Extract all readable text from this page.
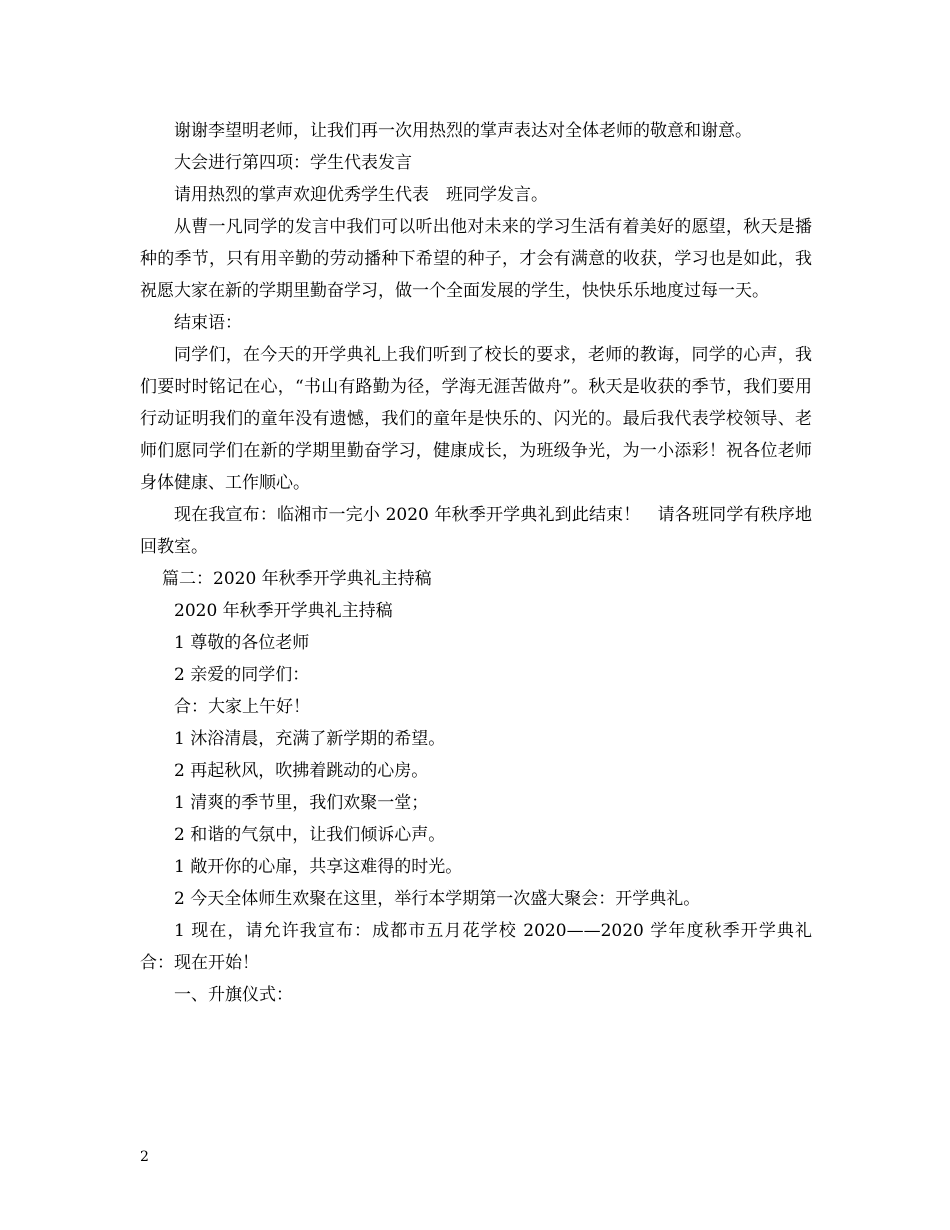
谢谢李望明老师，让我们再一次用热烈的掌声表达对全体老师的敬意和谢意。

大会进行第四项：学生代表发言

请用热烈的掌声欢迎优秀学生代表　班同学发言。

从曹一凡同学的发言中我们可以听出他对未来的学习生活有着美好的愿望，秋天是播种的季节，只有用辛勤的劳动播种下希望的种子，才会有满意的收获，学习也是如此，我祝愿大家在新的学期里勤奋学习，做一个全面发展的学生，快快乐乐地度过每一天。

结束语：

同学们，在今天的开学典礼上我们听到了校长的要求，老师的教诲，同学的心声，我们要时时铭记在心，“书山有路勤为径，学海无涯苦做舟”。秋天是收获的季节，我们要用行动证明我们的童年没有遗憾，我们的童年是快乐的、闪光的。最后我代表学校领导、老师们愿同学们在新的学期里勤奋学习，健康成长，为班级争光，为一小添彩！祝各位老师身体健康、工作顺心。

现在我宣布：临湘市一完小 2020 年秋季开学典礼到此结束！　请各班同学有秩序地回教室。

篇二：2020 年秋季开学典礼主持稿

2020 年秋季开学典礼主持稿

1 尊敬的各位老师

2 亲爱的同学们：

合：大家上午好！

1 沐浴清晨，充满了新学期的希望。

2 再起秋风，吹拂着跳动的心房。

1 清爽的季节里，我们欢聚一堂；

2 和谐的气氛中，让我们倾诉心声。

1 敞开你的心扉，共享这难得的时光。

2 今天全体师生欢聚在这里，举行本学期第一次盛大聚会：开学典礼。

1 现在，请允许我宣布：成都市五月花学校 2020——2020 学年度秋季开学典礼 合：现在开始！

一、升旗仪式：

2
